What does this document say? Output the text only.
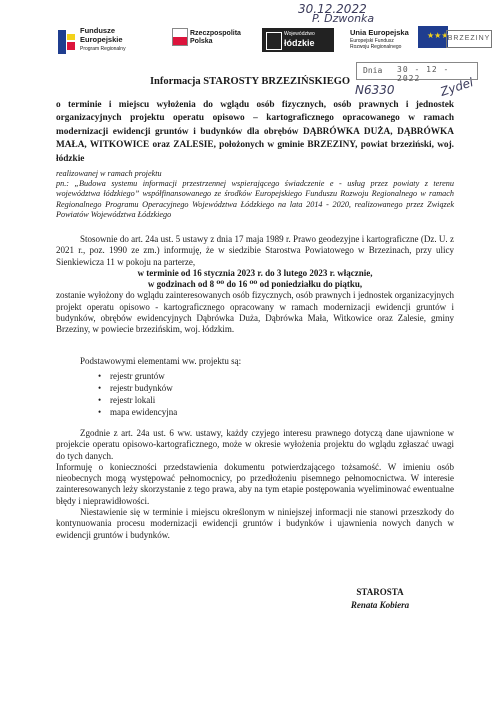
30.12.2022
P. Dzwonka
N6330	Zydel
Fundusze
Europejskie
Program Regionalny
Rzeczpospolita
Polska
Województwo
łódzkie
Unia Europejska
Europejski Fundusz Rozwoju Regionalnego
★ ★ ★ BRZEZINY
Dnia 30 - 12 - 2022
Informacja STAROSTY BRZEZIŃSKIEGO
o terminie i miejscu wyłożenia do wglądu osób fizycznych, osób prawnych i jednostek organizacyjnych projektu operatu opisowo – kartograficznego opracowanego w ramach modernizacji ewidencji gruntów i budynków dla obrębów DĄBRÓWKA DUŻA, DĄBRÓWKA MAŁA, WITKOWICE oraz ZALESIE, położonych w gminie BRZEZINY, powiat brzeziński, woj. łódzkie
realizowanej w ramach projektu
pn.: „Budowa systemu informacji przestrzennej wspierającego świadczenie e - usług przez powiaty z terenu województwa łódzkiego” współfinansowanego ze środków Europejskiego Funduszu Rozwoju Regionalnego w ramach Regionalnego Programu Operacyjnego Województwa Łódzkiego na lata 2014 - 2020, realizowanego przez Związek Powiatów Województwa Łódzkiego
Stosownie do art. 24a ust. 5 ustawy z dnia 17 maja 1989 r. Prawo geodezyjne i kartograficzne (Dz. U. z 2021 r., poz. 1990 ze zm.) informuję, że w siedzibie Starostwa Powiatowego w Brzezinach, przy ulicy Sienkiewicza 11 w pokoju na parterze,
w terminie od 16 stycznia 2023 r. do 3 lutego 2023 r. włącznie,
w godzinach od 8 ⁰⁰ do 16 ⁰⁰ od poniedziałku do piątku,
zostanie wyłożony do wglądu zainteresowanych osób fizycznych, osób prawnych i jednostek organizacyjnych projekt operatu opisowo - kartograficznego opracowany w ramach modernizacji ewidencji gruntów i budynków, obrębów ewidencyjnych Dąbrówka Duża, Dąbrówka Mała, Witkowice oraz Zalesie, gminy Brzeziny, w powiecie brzezińskim, woj. łódzkim.
Podstawowymi elementami ww. projektu są:
• rejestr gruntów
• rejestr budynków
• rejestr lokali
• mapa ewidencyjna
Zgodnie z art. 24a ust. 6 ww. ustawy, każdy czyjego interesu prawnego dotyczą dane ujawnione w projekcie operatu opisowo-kartograficznego, może w okresie wyłożenia projektu do wglądu zgłaszać uwagi do tych danych.
Informuję o konieczności przedstawienia dokumentu potwierdzającego tożsamość. W imieniu osób nieobecnych mogą występować pełnomocnicy, po przedłożeniu pisemnego pełnomocnictwa. W interesie zainteresowanych leży skorzystanie z tego prawa, aby na tym etapie postępowania wyeliminować ewentualne błędy i nieprawidłowości.
Niestawienie się w terminie i miejscu określonym w niniejszej informacji nie stanowi przeszkody do kontynuowania procesu modernizacji ewidencji gruntów i budynków i ujawnienia nowych danych w ewidencji gruntów i budynków.
STAROSTA
Renata Kobiera
